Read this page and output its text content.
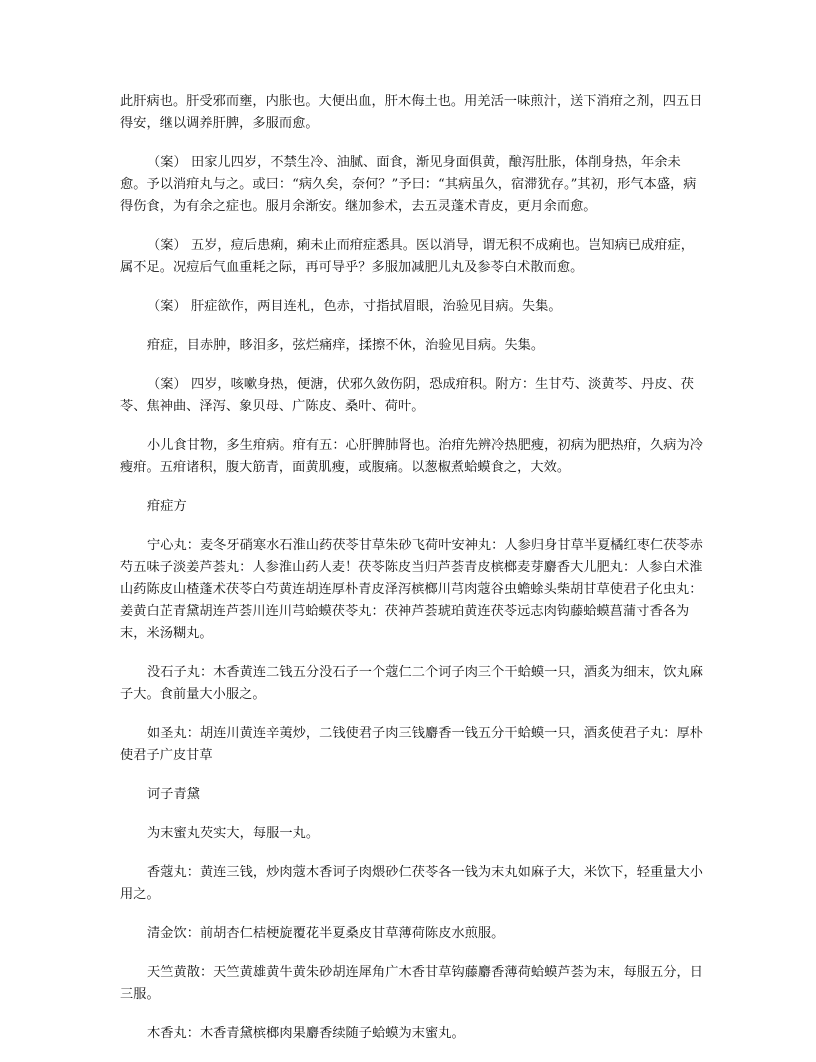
此肝病也。肝受邪而壅，内胀也。大便出血，肝木侮土也。用羌活一味煎汁，送下消疳之剂，四五日得安，继以调养肝脾，多服而愈。

（案） 田家儿四岁，不禁生冷、油腻、面食，渐见身面俱黄，酿泻肚胀，体削身热，年余未愈。予以消疳丸与之。或曰：“病久矣，奈何？”予曰：“其病虽久，宿滞犹存。”其初，形气本盛，病得伤食，为有余之症也。服月余渐安。继加参术，去五灵蓬术青皮，更月余而愈。

（案） 五岁，痘后患痢，痢未止而疳症悉具。医以消导，谓无积不成痢也。岂知病已成疳症，属不足。况痘后气血重耗之际，再可导乎？多服加减肥儿丸及参苓白术散而愈。

（案） 肝症欲作，两目连札，色赤，寸指拭眉眼，治验见目病。失集。

疳症，目赤肿，眵泪多，弦烂痛痒，揉擦不休，治验见目病。失集。

（案） 四岁，咳嗽身热，便溏，伏邪久敛伤阴，恐成疳积。附方：生甘芍、淡黄芩、丹皮、茯苓、焦神曲、泽泻、象贝母、广陈皮、桑叶、荷叶。

小儿食甘物，多生疳病。疳有五：心肝脾肺肾也。治疳先辨冷热肥瘦，初病为肥热疳，久病为冷瘦疳。五疳诸积，腹大筋青，面黄肌瘦，或腹痛。以葱椒煮蛤蟆食之，大效。

疳症方

宁心丸：麦冬牙硝寒水石淮山药茯苓甘草朱砂飞荷叶安神丸：人参归身甘草半夏橘红枣仁茯苓赤芍五味子淡姜芦荟丸：人参淮山药人麦！茯苓陈皮当归芦荟青皮槟榔麦芽麝香大儿肥丸：人参白术淮山药陈皮山楂蓬术茯苓白芍黄连胡连厚朴青皮泽泻槟榔川芎肉蔻谷虫蟾蜍头柴胡甘草使君子化虫丸：姜黄白芷青黛胡连芦荟川连川芎蛤蟆茯苓丸：茯神芦荟琥珀黄连茯苓远志肉钩藤蛤蟆菖蒲寸香各为末，米汤糊丸。

没石子丸：木香黄连二钱五分没石子一个蔻仁二个诃子肉三个干蛤蟆一只，酒炙为细末，饮丸麻子大。食前量大小服之。

如圣丸：胡连川黄连辛荑炒，二钱使君子肉三钱麝香一钱五分干蛤蟆一只，酒炙使君子丸：厚朴使君子广皮甘草

诃子青黛

为末蜜丸芡实大，每服一丸。

香蔻丸：黄连三钱，炒肉蔻木香诃子肉煨砂仁茯苓各一钱为末丸如麻子大，米饮下，轻重量大小用之。

清金饮：前胡杏仁桔梗旋覆花半夏桑皮甘草薄荷陈皮水煎服。

天竺黄散：天竺黄雄黄牛黄朱砂胡连犀角广木香甘草钩藤麝香薄荷蛤蟆芦荟为末，每服五分，日三服。

木香丸：木香青黛槟榔肉果麝香续随子蛤蟆为末蜜丸。
